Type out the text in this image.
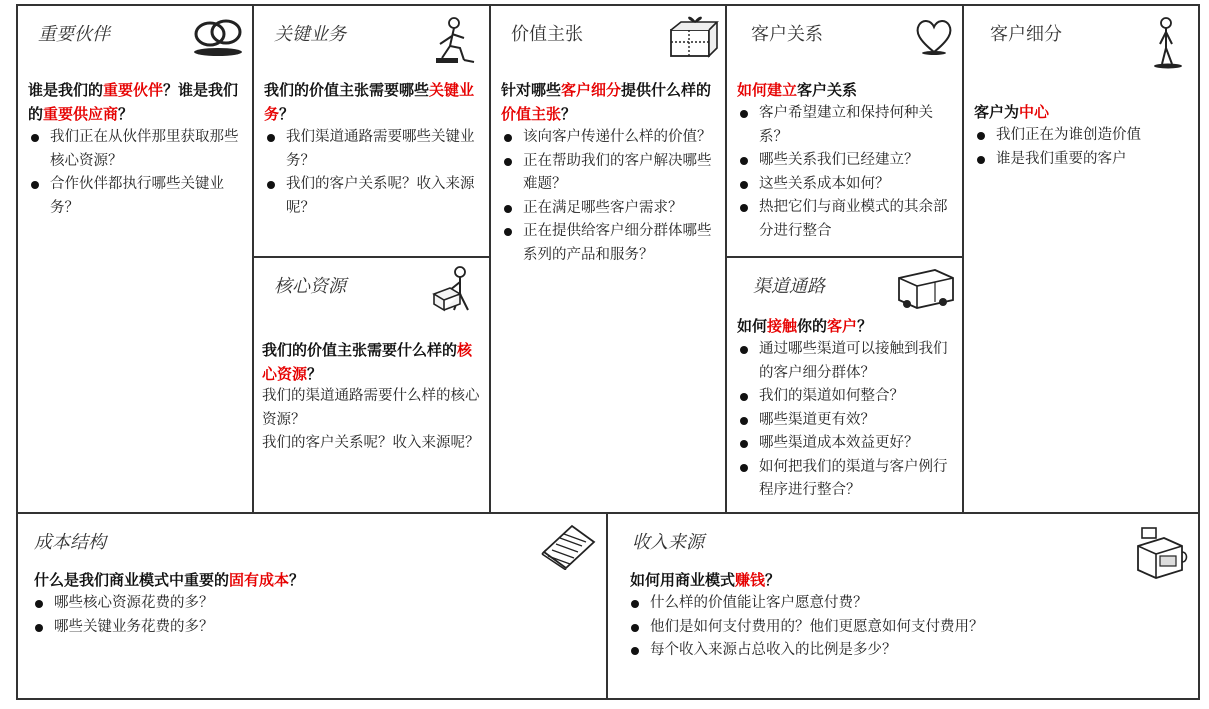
重要伙伴
谁是我们的重要伙伴？谁是我们的重要供应商？
我们正在从伙伴那里获取那些核心资源？
合作伙伴都执行哪些关键业务？
关键业务
我们的价值主张需要哪些关键业务？
我们渠道通路需要哪些关键业务？
我们的客户关系呢？收入来源呢？
核心资源
我们的价值主张需要什么样的核心资源？
我们的渠道通路需要什么样的核心资源？
我们的客户关系呢？收入来源呢？
价值主张
针对哪些客户细分提供什么样的价值主张？
该向客户传递什么样的价值？
正在帮助我们的客户解决哪些难题？
正在满足哪些客户需求？
正在提供给客户细分群体哪些系列的产品和服务？
客户关系
如何建立客户关系
客户希望建立和保持何种关系？
哪些关系我们已经建立？
这些关系成本如何？
热把它们与商业模式的其余部分进行整合
渠道通路
如何接触你的客户？
通过哪些渠道可以接触到我们的客户细分群体？
我们的渠道如何整合？
哪些渠道更有效？
哪些渠道成本效益更好？
如何把我们的渠道与客户例行程序进行整合？
客户细分
客户为中心
我们正在为谁创造价值
谁是我们重要的客户
成本结构
什么是我们商业模式中重要的固有成本？
哪些核心资源花费的多？
哪些关键业务花费的多？
收入来源
如何用商业模式赚钱？
什么样的价值能让客户愿意付费？
他们是如何支付费用的？他们更愿意如何支付费用？
每个收入来源占总收入的比例是多少？
